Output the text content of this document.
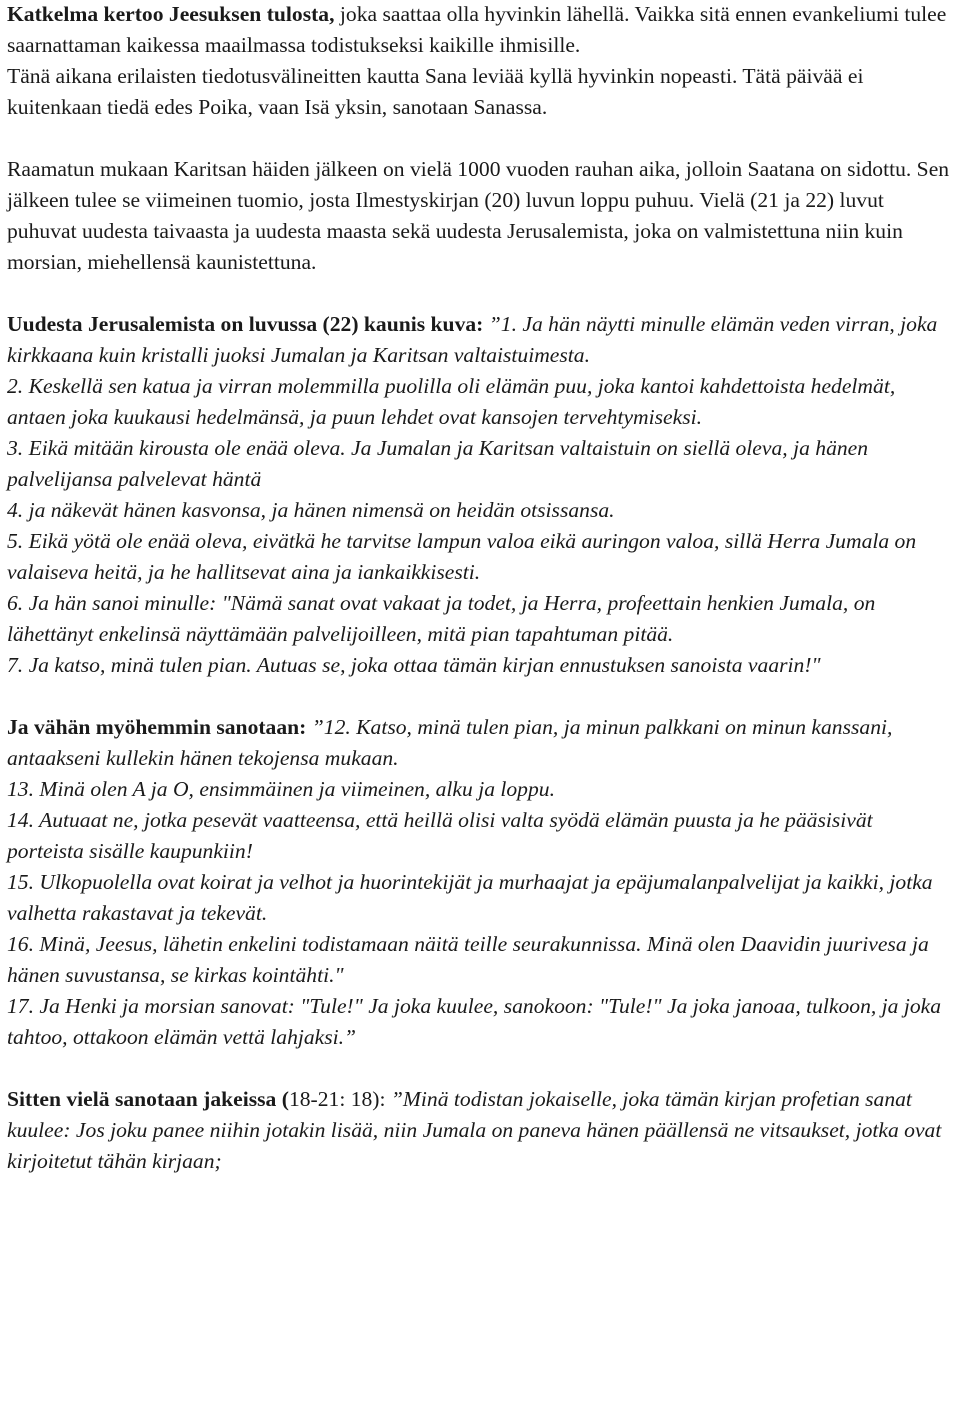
Katkelma kertoo Jeesuksen tulosta, joka saattaa olla hyvinkin lähellä. Vaikka sitä ennen evankeliumi tulee saarnattaman kaikessa maailmassa todistukseksi kaikille ihmisille.

Tänä aikana erilaisten tiedotusvälineitten kautta Sana leviää kyllä hyvinkin nopeasti. Tätä päivää ei kuitenkaan tiedä edes Poika, vaan Isä yksin, sanotaan Sanassa.

Raamatun mukaan Karitsan häiden jälkeen on vielä 1000 vuoden rauhan aika, jolloin Saatana on sidottu. Sen jälkeen tulee se viimeinen tuomio, josta Ilmestyskirjan (20) luvun loppu puhuu. Vielä (21 ja 22) luvut puhuvat uudesta taivaasta ja uudesta maasta sekä uudesta Jerusalemista, joka on valmistettuna niin kuin morsian, miehellensä kaunistettuna.

Uudesta Jerusalemista on luvussa (22) kaunis kuva: ”1. Ja hän näytti minulle elämän veden virran, joka kirkkaana kuin kristalli juoksi Jumalan ja Karitsan valtaistuimesta.

2. Keskellä sen katua ja virran molemmilla puolilla oli elämän puu, joka kantoi kahdettoista hedelmät, antaen joka kuukausi hedelmänsä, ja puun lehdet ovat kansojen tervehtymiseksi.

3. Eikä mitään kirousta ole enää oleva. Ja Jumalan ja Karitsan valtaistuin on siellä oleva, ja hänen palvelijansa palvelevat häntä

4. ja näkevät hänen kasvonsa, ja hänen nimensä on heidän otsissansa.

5. Eikä yötä ole enää oleva, eivätkä he tarvitse lampun valoa eikä auringon valoa, sillä Herra Jumala on valaiseva heitä, ja he hallitsevat aina ja iankaikkisesti.

6. Ja hän sanoi minulle: "Nämä sanat ovat vakaat ja todet, ja Herra, profeettain henkien Jumala, on lähettänyt enkelinsä näyttämään palvelijoilleen, mitä pian tapahtuman pitää.

7. Ja katso, minä tulen pian. Autuas se, joka ottaa tämän kirjan ennustuksen sanoista vaarin!"

Ja vähän myöhemmin sanotaan: ”12. Katso, minä tulen pian, ja minun palkkani on minun kanssani, antaakseni kullekin hänen tekojensa mukaan.

13. Minä olen A ja O, ensimmäinen ja viimeinen, alku ja loppu.

14. Autuaat ne, jotka pesevät vaatteensa, että heillä olisi valta syödä elämän puusta ja he pääsisivät porteista sisälle kaupunkiin!

15. Ulkopuolella ovat koirat ja velhot ja huorintekijät ja murhaajat ja epäjumalanpalvelijat ja kaikki, jotka valhetta rakastavat ja tekevät.

16. Minä, Jeesus, lähetin enkelini todistamaan näitä teille seurakunnissa. Minä olen Daavidin juurivesa ja hänen suvustansa, se kirkas kointähti."

17. Ja Henki ja morsian sanovat: "Tule!" Ja joka kuulee, sanokoon: "Tule!" Ja joka janoaa, tulkoon, ja joka tahtoo, ottakoon elämän vettä lahjaksi.”

Sitten vielä sanotaan jakeissa (18-21: 18): ”Minä todistan jokaiselle, joka tämän kirjan profetian sanat kuulee: Jos joku panee niihin jotakin lisää, niin Jumala on paneva hänen päällensä ne vitsaukset, jotka ovat kirjoitetut tähän kirjaan;
